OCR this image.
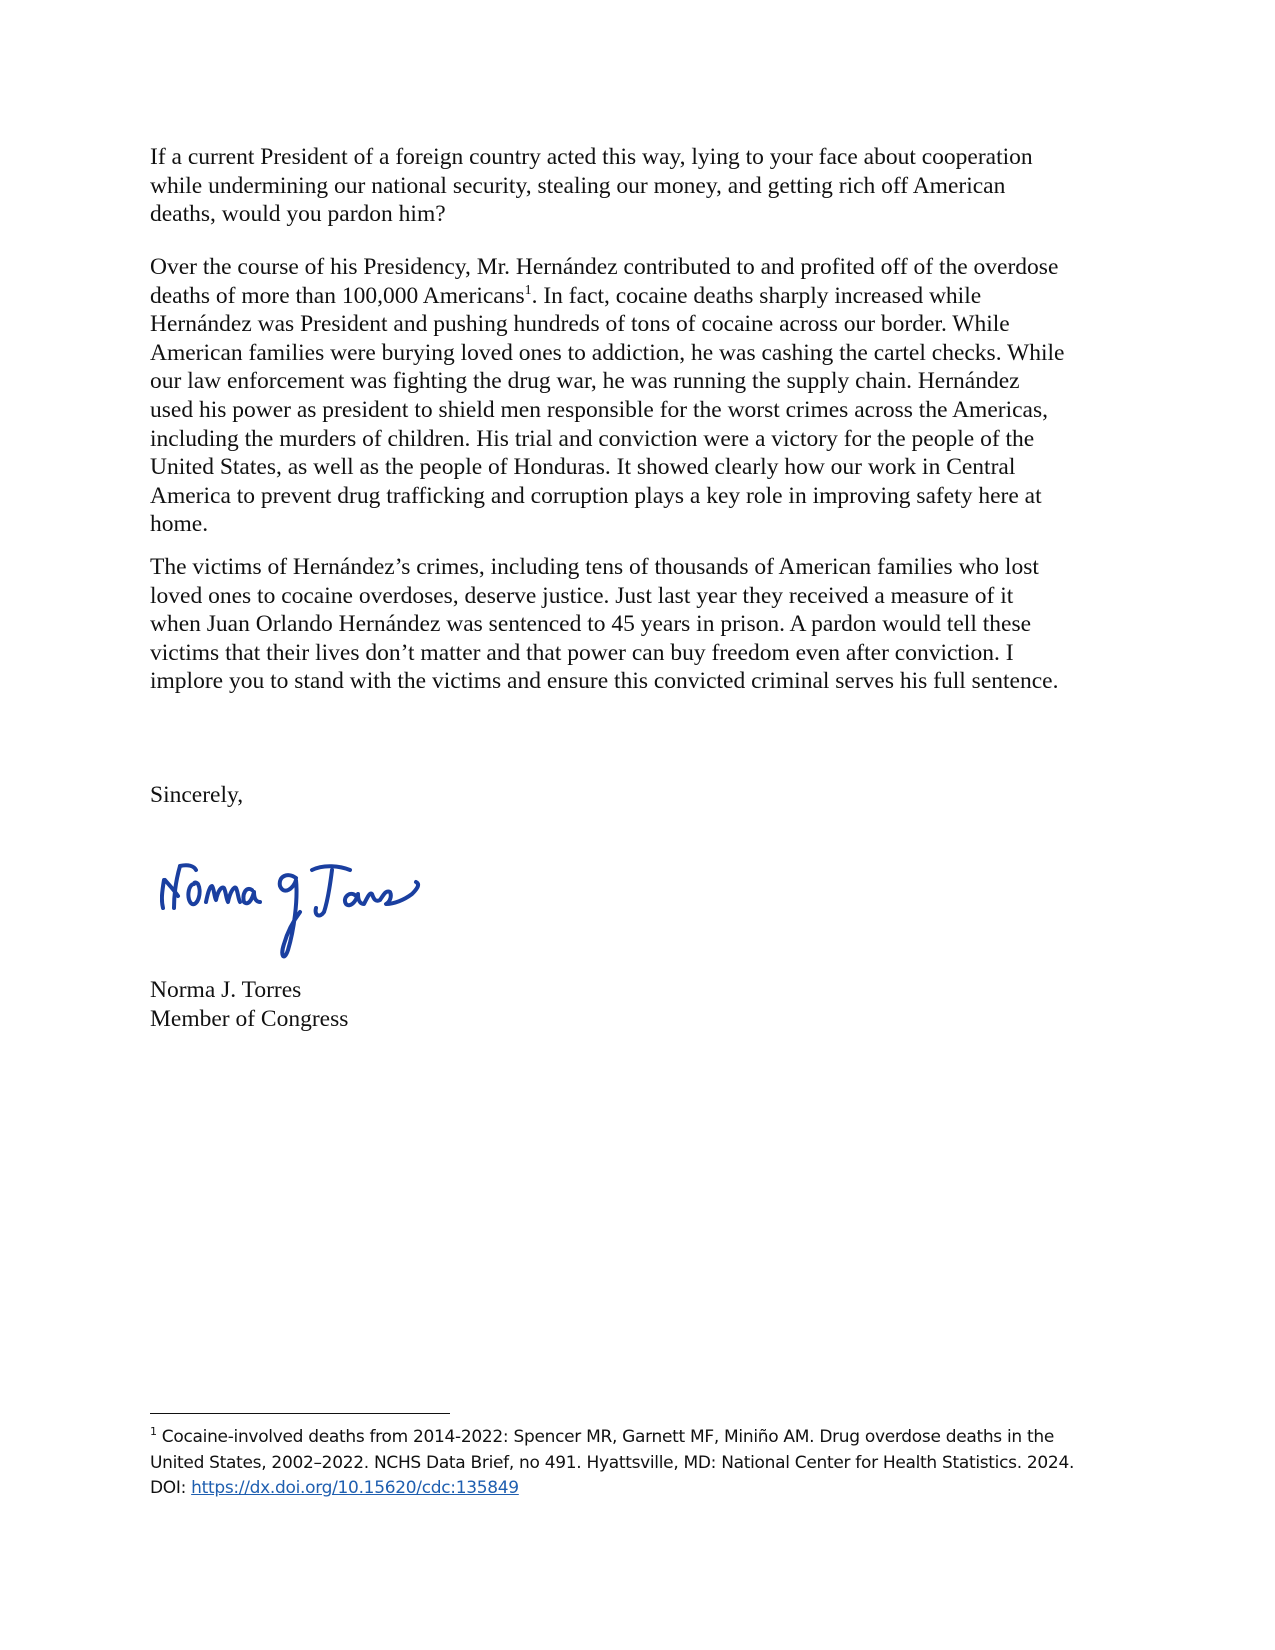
If a current President of a foreign country acted this way, lying to your face about cooperation
while undermining our national security, stealing our money, and getting rich off American
deaths, would you pardon him?
Over the course of his Presidency, Mr. Hernández contributed to and profited off of the overdose
deaths of more than 100,000 Americans$^1$. In fact, cocaine deaths sharply increased while
Hernández was President and pushing hundreds of tons of cocaine across our border. While
American families were burying loved ones to addiction, he was cashing the cartel checks. While
our law enforcement was fighting the drug war, he was running the supply chain. Hernández
used his power as president to shield men responsible for the worst crimes across the Americas,
including the murders of children. His trial and conviction were a victory for the people of the
United States, as well as the people of Honduras. It showed clearly how our work in Central
America to prevent drug trafficking and corruption plays a key role in improving safety here at
home.
The victims of Hernández’s crimes, including tens of thousands of American families who lost
loved ones to cocaine overdoses, deserve justice. Just last year they received a measure of it
when Juan Orlando Hernández was sentenced to 45 years in prison. A pardon would tell these
victims that their lives don’t matter and that power can buy freedom even after conviction. I
implore you to stand with the victims and ensure this convicted criminal serves his full sentence.
Sincerely,
Norma J. Torres
Member of Congress
$^1$ Cocaine-involved deaths from 2014-2022: Spencer MR, Garnett MF, Miniño AM. Drug overdose deaths in the
United States, 2002–2022. NCHS Data Brief, no 491. Hyattsville, MD: National Center for Health Statistics. 2024.
DOI: https://dx.doi.org/10.15620/cdc:135849
